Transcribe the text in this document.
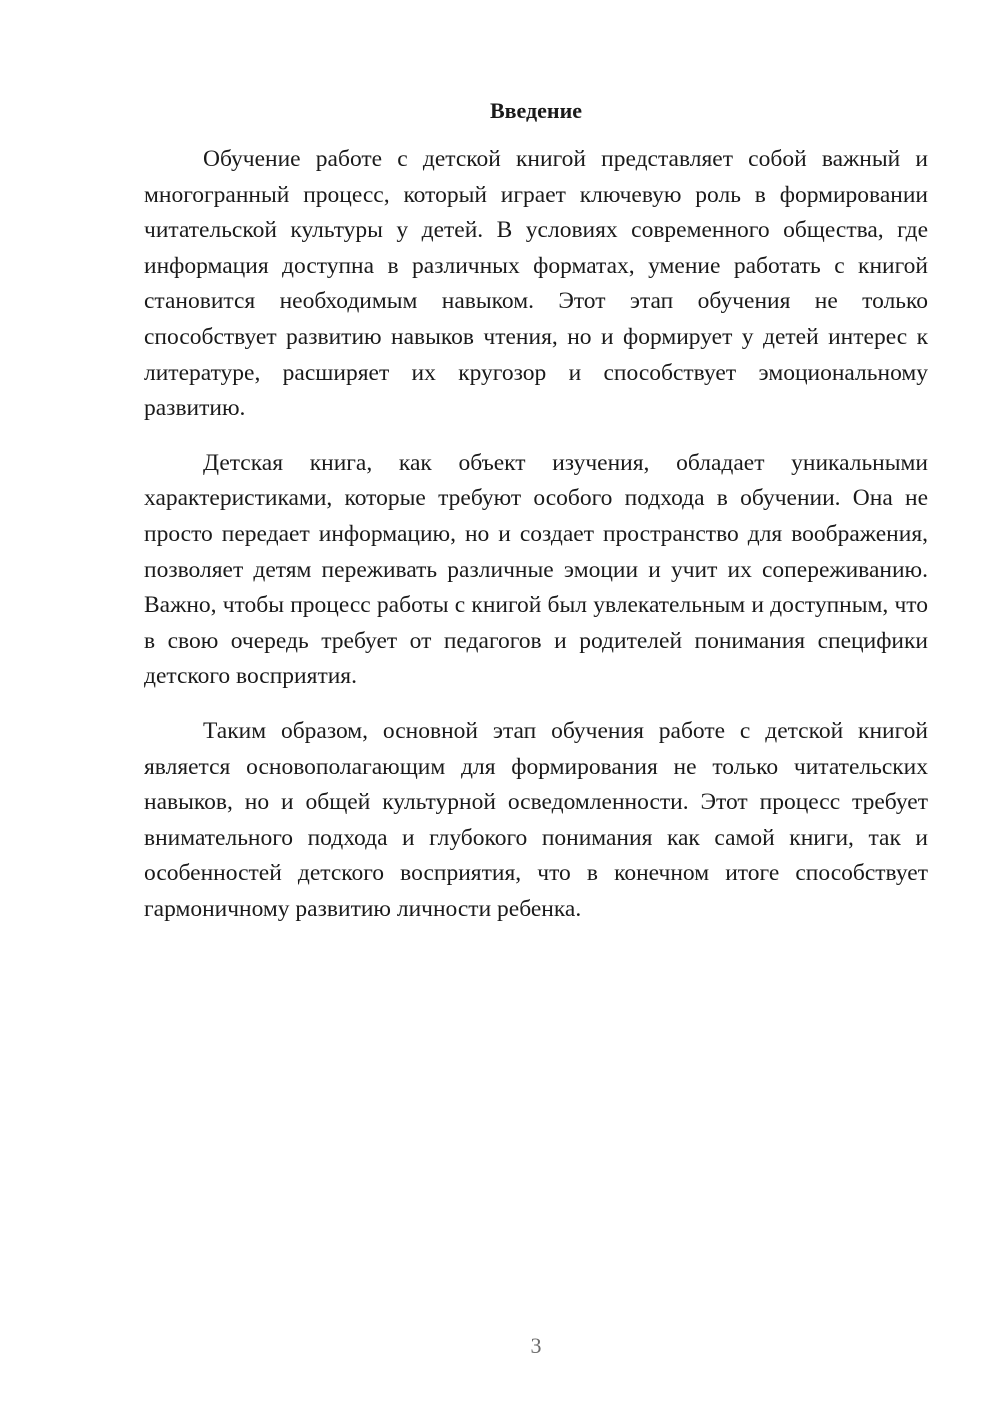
Введение

Обучение работе с детской книгой представляет собой важный и многогранный процесс, который играет ключевую роль в формировании читательской культуры у детей. В условиях современного общества, где информация доступна в различных форматах, умение работать с книгой становится необходимым навыком. Этот этап обучения не только способствует развитию навыков чтения, но и формирует у детей интерес к литературе, расширяет их кругозор и способствует эмоциональному развитию.

Детская книга, как объект изучения, обладает уникальными характеристиками, которые требуют особого подхода в обучении. Она не просто передает информацию, но и создает пространство для воображения, позволяет детям переживать различные эмоции и учит их сопереживанию. Важно, чтобы процесс работы с книгой был увлекательным и доступным, что в свою очередь требует от педагогов и родителей понимания специфики детского восприятия.

Таким образом, основной этап обучения работе с детской книгой является основополагающим для формирования не только читательских навыков, но и общей культурной осведомленности. Этот процесс требует внимательного подхода и глубокого понимания как самой книги, так и особенностей детского восприятия, что в конечном итоге способствует гармоничному развитию личности ребенка.

3
